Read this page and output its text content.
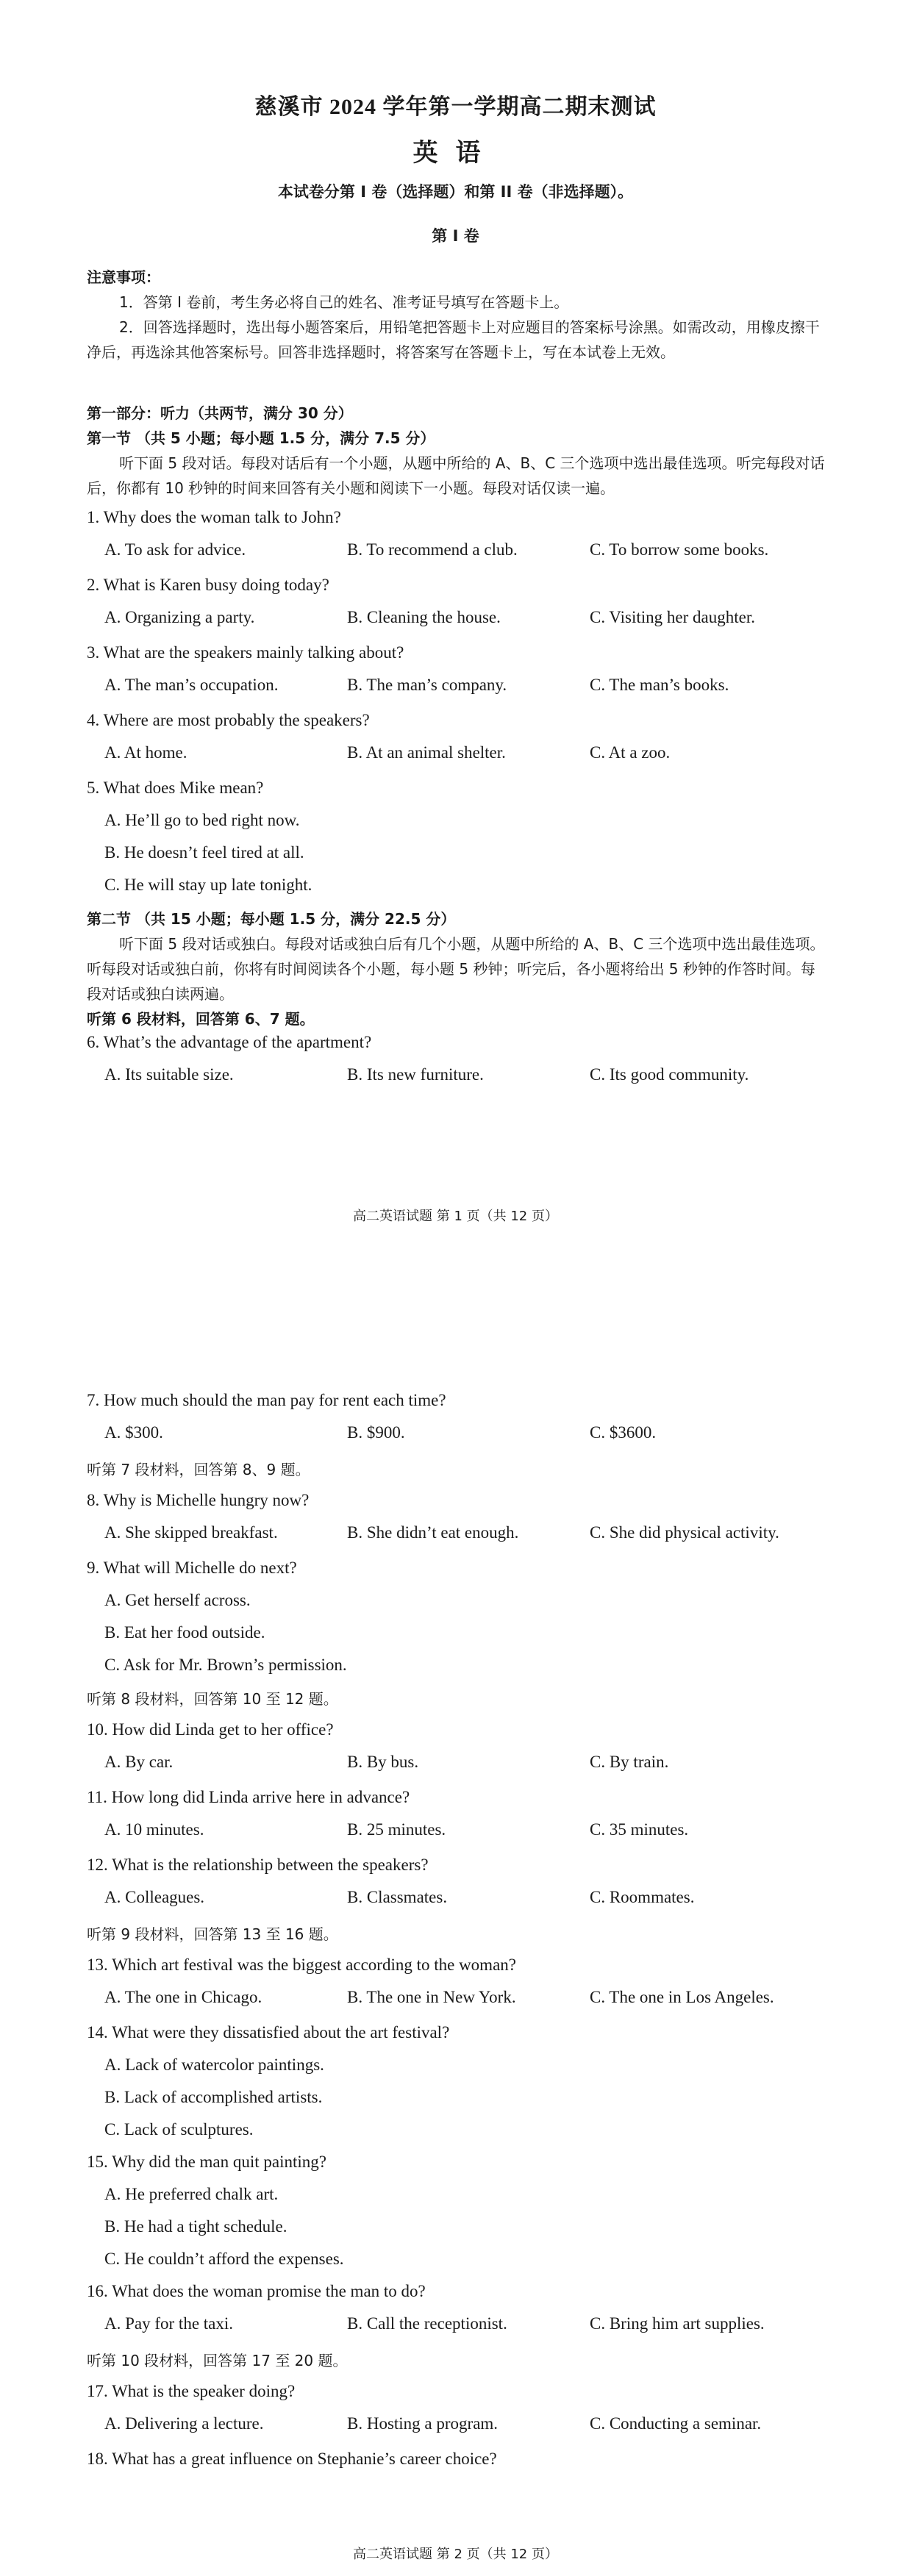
慈溪市 2024 学年第一学期高二期末测试
英语
本试卷分第 I 卷（选择题）和第 II 卷（非选择题）。
第 I 卷
注意事项：
1．答第 I 卷前，考生务必将自己的姓名、准考证号填写在答题卡上。
2．回答选择题时，选出每小题答案后，用铅笔把答题卡上对应题目的答案标号涂黑。如需改动，用橡皮擦干净后，再选涂其他答案标号。回答非选择题时，将答案写在答题卡上，写在本试卷上无效。
第一部分：听力（共两节，满分 30 分）
第一节 （共 5 小题；每小题 1.5 分，满分 7.5 分）
听下面 5 段对话。每段对话后有一个小题，从题中所给的 A、B、C 三个选项中选出最佳选项。听完每段对话后，你都有 10 秒钟的时间来回答有关小题和阅读下一小题。每段对话仅读一遍。
1. Why does the woman talk to John?
A. To ask for advice.	B. To recommend a club.	C. To borrow some books.
2. What is Karen busy doing today?
A. Organizing a party.	B. Cleaning the house.	C. Visiting her daughter.
3. What are the speakers mainly talking about?
A. The man’s occupation.	B. The man’s company.	C. The man’s books.
4. Where are most probably the speakers?
A. At home.	B. At an animal shelter.	C. At a zoo.
5. What does Mike mean?
A. He’ll go to bed right now.
B. He doesn’t feel tired at all.
C. He will stay up late tonight.
第二节 （共 15 小题；每小题 1.5 分，满分 22.5 分）
听下面 5 段对话或独白。每段对话或独白后有几个小题，从题中所给的 A、B、C 三个选项中选出最佳选项。听每段对话或独白前，你将有时间阅读各个小题，每小题 5 秒钟；听完后，各小题将给出 5 秒钟的作答时间。每段对话或独白读两遍。
听第 6 段材料，回答第 6、7 题。
6. What’s the advantage of the apartment?
A. Its suitable size.	B. Its new furniture.	C. Its good community.
高二英语试题 第 1 页（共 12 页）
7. How much should the man pay for rent each time?
A. $300.	B. $900.	C. $3600.
听第 7 段材料，回答第 8、9 题。
8. Why is Michelle hungry now?
A. She skipped breakfast.	B. She didn’t eat enough.	C. She did physical activity.
9. What will Michelle do next?
A. Get herself across.
B. Eat her food outside.
C. Ask for Mr. Brown’s permission.
听第 8 段材料，回答第 10 至 12 题。
10. How did Linda get to her office?
A. By car.	B. By bus.	C. By train.
11. How long did Linda arrive here in advance?
A. 10 minutes.	B. 25 minutes.	C. 35 minutes.
12. What is the relationship between the speakers?
A. Colleagues.	B. Classmates.	C. Roommates.
听第 9 段材料，回答第 13 至 16 题。
13. Which art festival was the biggest according to the woman?
A. The one in Chicago.	B. The one in New York.	C. The one in Los Angeles.
14. What were they dissatisfied about the art festival?
A. Lack of watercolor paintings.
B. Lack of accomplished artists.
C. Lack of sculptures.
15. Why did the man quit painting?
A. He preferred chalk art.
B. He had a tight schedule.
C. He couldn’t afford the expenses.
16. What does the woman promise the man to do?
A. Pay for the taxi.	B. Call the receptionist.	C. Bring him art supplies.
听第 10 段材料，回答第 17 至 20 题。
17. What is the speaker doing?
A. Delivering a lecture.	B. Hosting a program.	C. Conducting a seminar.
18. What has a great influence on Stephanie’s career choice?
高二英语试题 第 2 页（共 12 页）
